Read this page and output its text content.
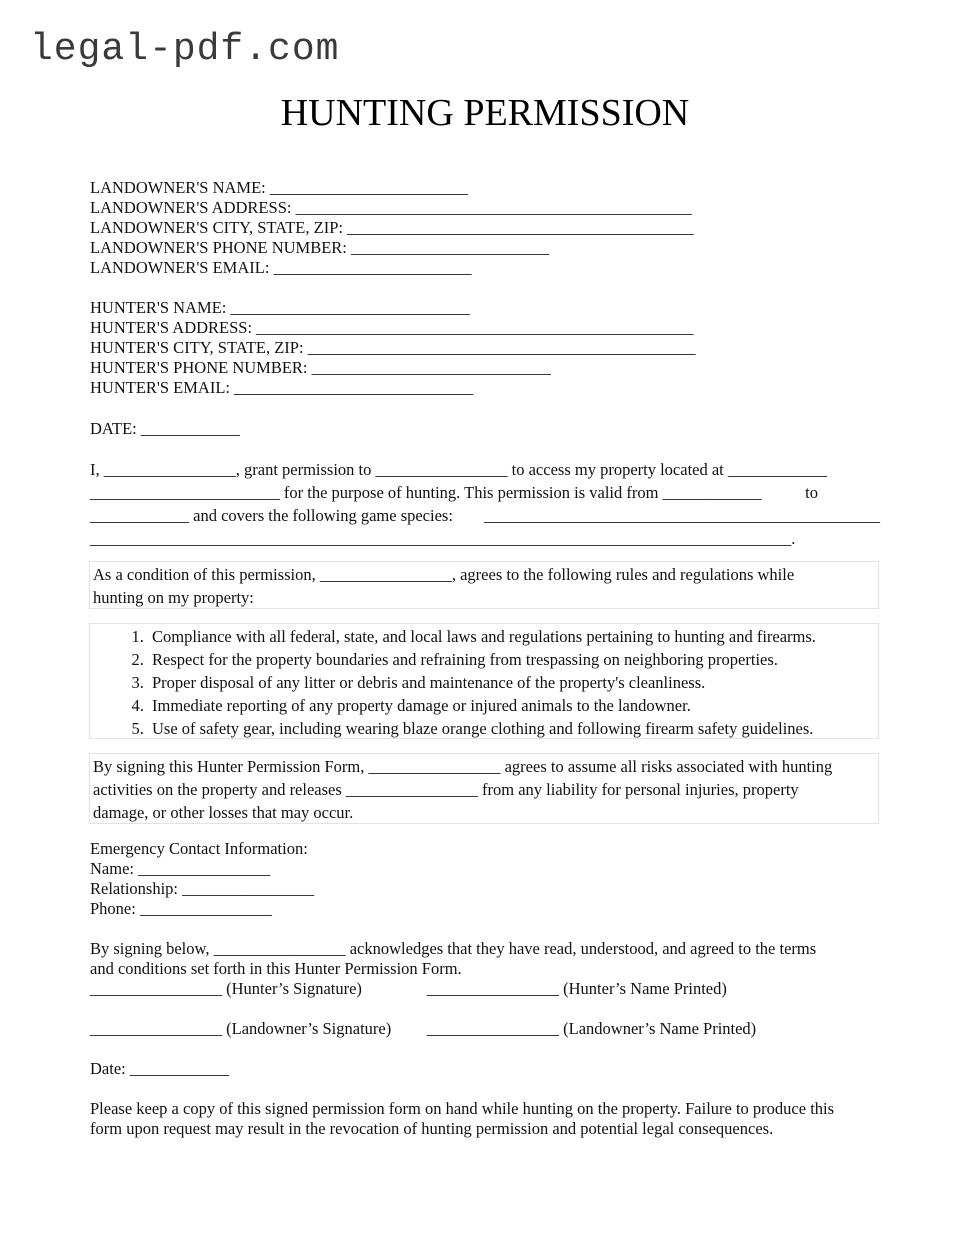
legal-pdf.com
HUNTING PERMISSION
LANDOWNER'S NAME: ________________________
LANDOWNER'S ADDRESS: ________________________________________________
LANDOWNER'S CITY, STATE, ZIP: __________________________________________
LANDOWNER'S PHONE NUMBER: ________________________
LANDOWNER'S EMAIL: ________________________
HUNTER'S NAME: _____________________________
HUNTER'S ADDRESS: _____________________________________________________
HUNTER'S CITY, STATE, ZIP: _______________________________________________
HUNTER'S PHONE NUMBER: _____________________________
HUNTER'S EMAIL: _____________________________
DATE: ____________
I, ________________, grant permission to ________________ to access my property located at ____________
_______________________ for the purpose of hunting. This permission is valid from ____________	to
____________ and covers the following game species: ________________________________________________
_____________________________________________________________________________________.
As a condition of this permission, ________________, agrees to the following rules and regulations while
hunting on my property:
1. Compliance with all federal, state, and local laws and regulations pertaining to hunting and firearms.
2. Respect for the property boundaries and refraining from trespassing on neighboring properties.
3. Proper disposal of any litter or debris and maintenance of the property's cleanliness.
4. Immediate reporting of any property damage or injured animals to the landowner.
5. Use of safety gear, including wearing blaze orange clothing and following firearm safety guidelines.
By signing this Hunter Permission Form, ________________ agrees to assume all risks associated with hunting
activities on the property and releases ________________ from any liability for personal injuries, property
damage, or other losses that may occur.
Emergency Contact Information:
Name: ________________
Relationship: ________________
Phone: ________________
By signing below, ________________ acknowledges that they have read, understood, and agreed to the terms
and conditions set forth in this Hunter Permission Form.
________________ (Hunter’s Signature)	________________ (Hunter’s Name Printed)
________________ (Landowner’s Signature) ________________ (Landowner’s Name Printed)
Date: ____________
Please keep a copy of this signed permission form on hand while hunting on the property. Failure to produce this
form upon request may result in the revocation of hunting permission and potential legal consequences.
